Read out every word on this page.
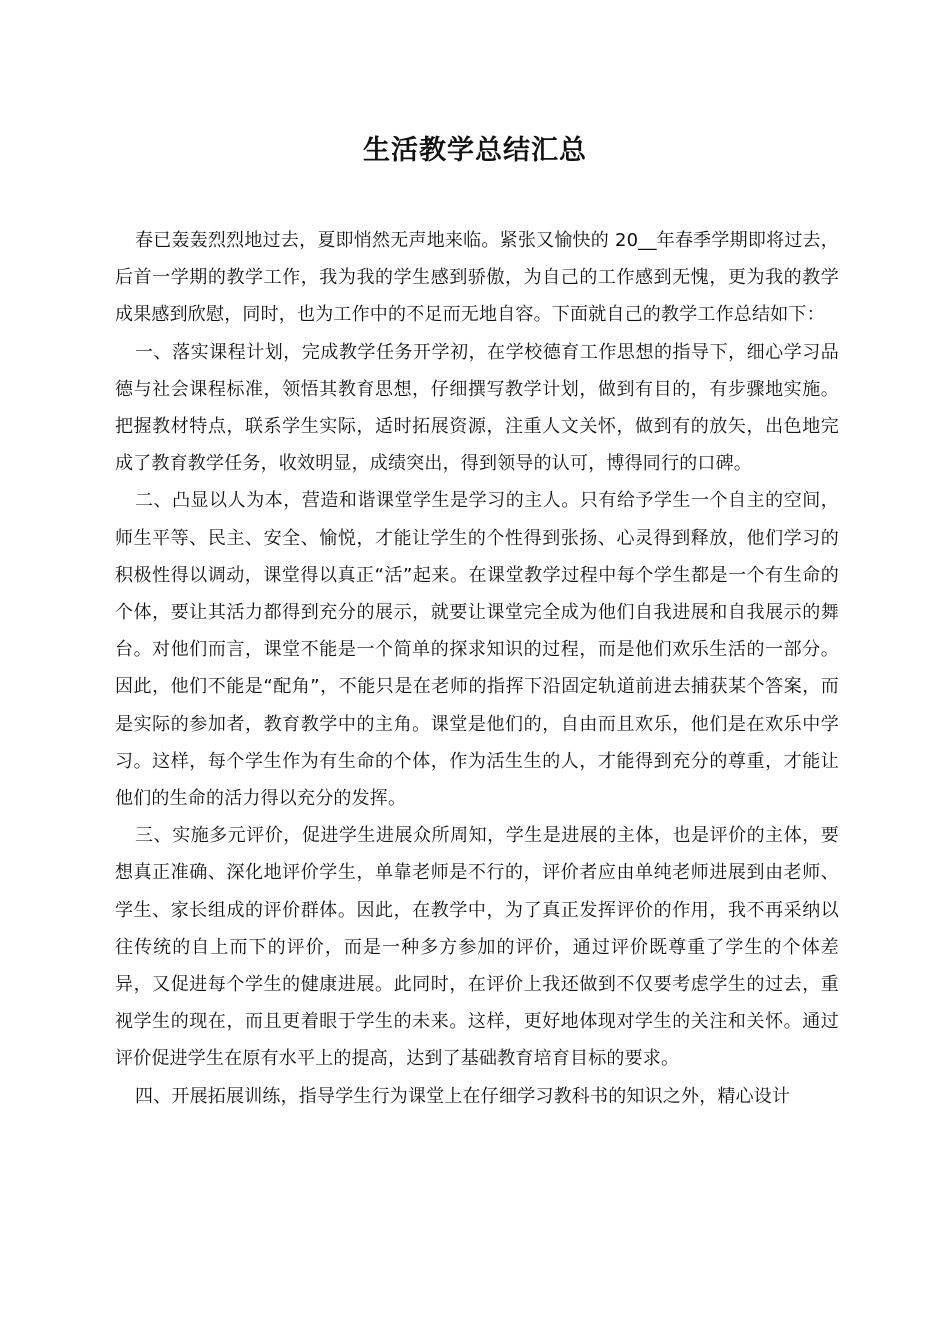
生活教学总结汇总

春已轰轰烈烈地过去，夏即悄然无声地来临。紧张又愉快的 20__年春季学期即将过去，后首一学期的教学工作，我为我的学生感到骄傲，为自己的工作感到无愧，更为我的教学成果感到欣慰，同时，也为工作中的不足而无地自容。下面就自己的教学工作总结如下：

一、落实课程计划，完成教学任务开学初，在学校德育工作思想的指导下，细心学习品德与社会课程标准，领悟其教育思想，仔细撰写教学计划，做到有目的，有步骤地实施。把握教材特点，联系学生实际，适时拓展资源，注重人文关怀，做到有的放矢，出色地完成了教育教学任务，收效明显，成绩突出，得到领导的认可，博得同行的口碑。

二、凸显以人为本，营造和谐课堂学生是学习的主人。只有给予学生一个自主的空间，师生平等、民主、安全、愉悦，才能让学生的个性得到张扬、心灵得到释放，他们学习的积极性得以调动，课堂得以真正“活”起来。在课堂教学过程中每个学生都是一个有生命的个体，要让其活力都得到充分的展示，就要让课堂完全成为他们自我进展和自我展示的舞台。对他们而言，课堂不能是一个简单的探求知识的过程，而是他们欢乐生活的一部分。因此，他们不能是“配角”，不能只是在老师的指挥下沿固定轨道前进去捕获某个答案，而是实际的参加者，教育教学中的主角。课堂是他们的，自由而且欢乐，他们是在欢乐中学习。这样，每个学生作为有生命的个体，作为活生生的人，才能得到充分的尊重，才能让他们的生命的活力得以充分的发挥。

三、实施多元评价，促进学生进展众所周知，学生是进展的主体，也是评价的主体，要想真正准确、深化地评价学生，单靠老师是不行的，评价者应由单纯老师进展到由老师、学生、家长组成的评价群体。因此，在教学中，为了真正发挥评价的作用，我不再采纳以往传统的自上而下的评价，而是一种多方参加的评价，通过评价既尊重了学生的个体差异，又促进每个学生的健康进展。此同时，在评价上我还做到不仅要考虑学生的过去，重视学生的现在，而且更着眼于学生的未来。这样，更好地体现对学生的关注和关怀。通过评价促进学生在原有水平上的提高，达到了基础教育培育目标的要求。

四、开展拓展训练，指导学生行为课堂上在仔细学习教科书的知识之外，精心设计
